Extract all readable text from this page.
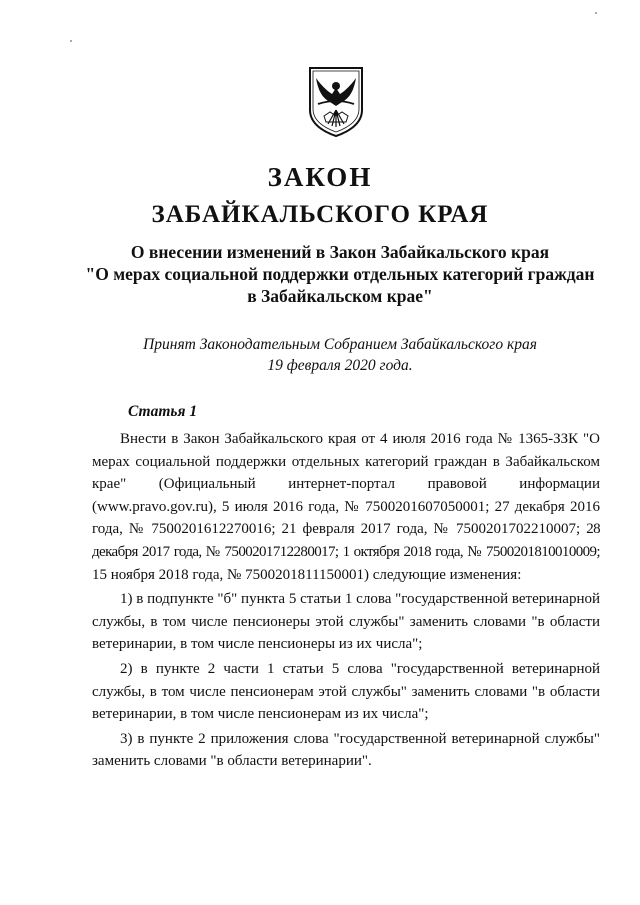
ЗАКОН
ЗАБАЙКАЛЬСКОГО КРАЯ
О внесении изменений в Закон Забайкальского края
"О мерах социальной поддержки отдельных категорий граждан
в Забайкальском крае"
Принят Законодательным Собранием Забайкальского края
19 февраля 2020 года.
Статья 1

Внести в Закон Забайкальского края от 4 июля 2016 года № 1365-ЗЗК "О мерах социальной поддержки отдельных категорий граждан в Забайкальском крае" (Официальный интернет-портал правовой информации (www.pravo.gov.ru), 5 июля 2016 года, № 7500201607050001; 27 декабря 2016 года, № 7500201612270016; 21 февраля 2017 года, № 7500201702210007; 28 декабря 2017 года, № 7500201712280017; 1 октября 2018 года, № 7500201810010009; 15 ноября 2018 года, № 7500201811150001) следующие изменения:

1) в подпункте "б" пункта 5 статьи 1 слова "государственной ветеринарной службы, в том числе пенсионеры этой службы" заменить словами "в области ветеринарии, в том числе пенсионеры из их числа";

2) в пункте 2 части 1 статьи 5 слова "государственной ветеринарной службы, в том числе пенсионерам этой службы" заменить словами "в области ветеринарии, в том числе пенсионерам из их числа";

3) в пункте 2 приложения слова "государственной ветеринарной службы" заменить словами "в области ветеринарии".
